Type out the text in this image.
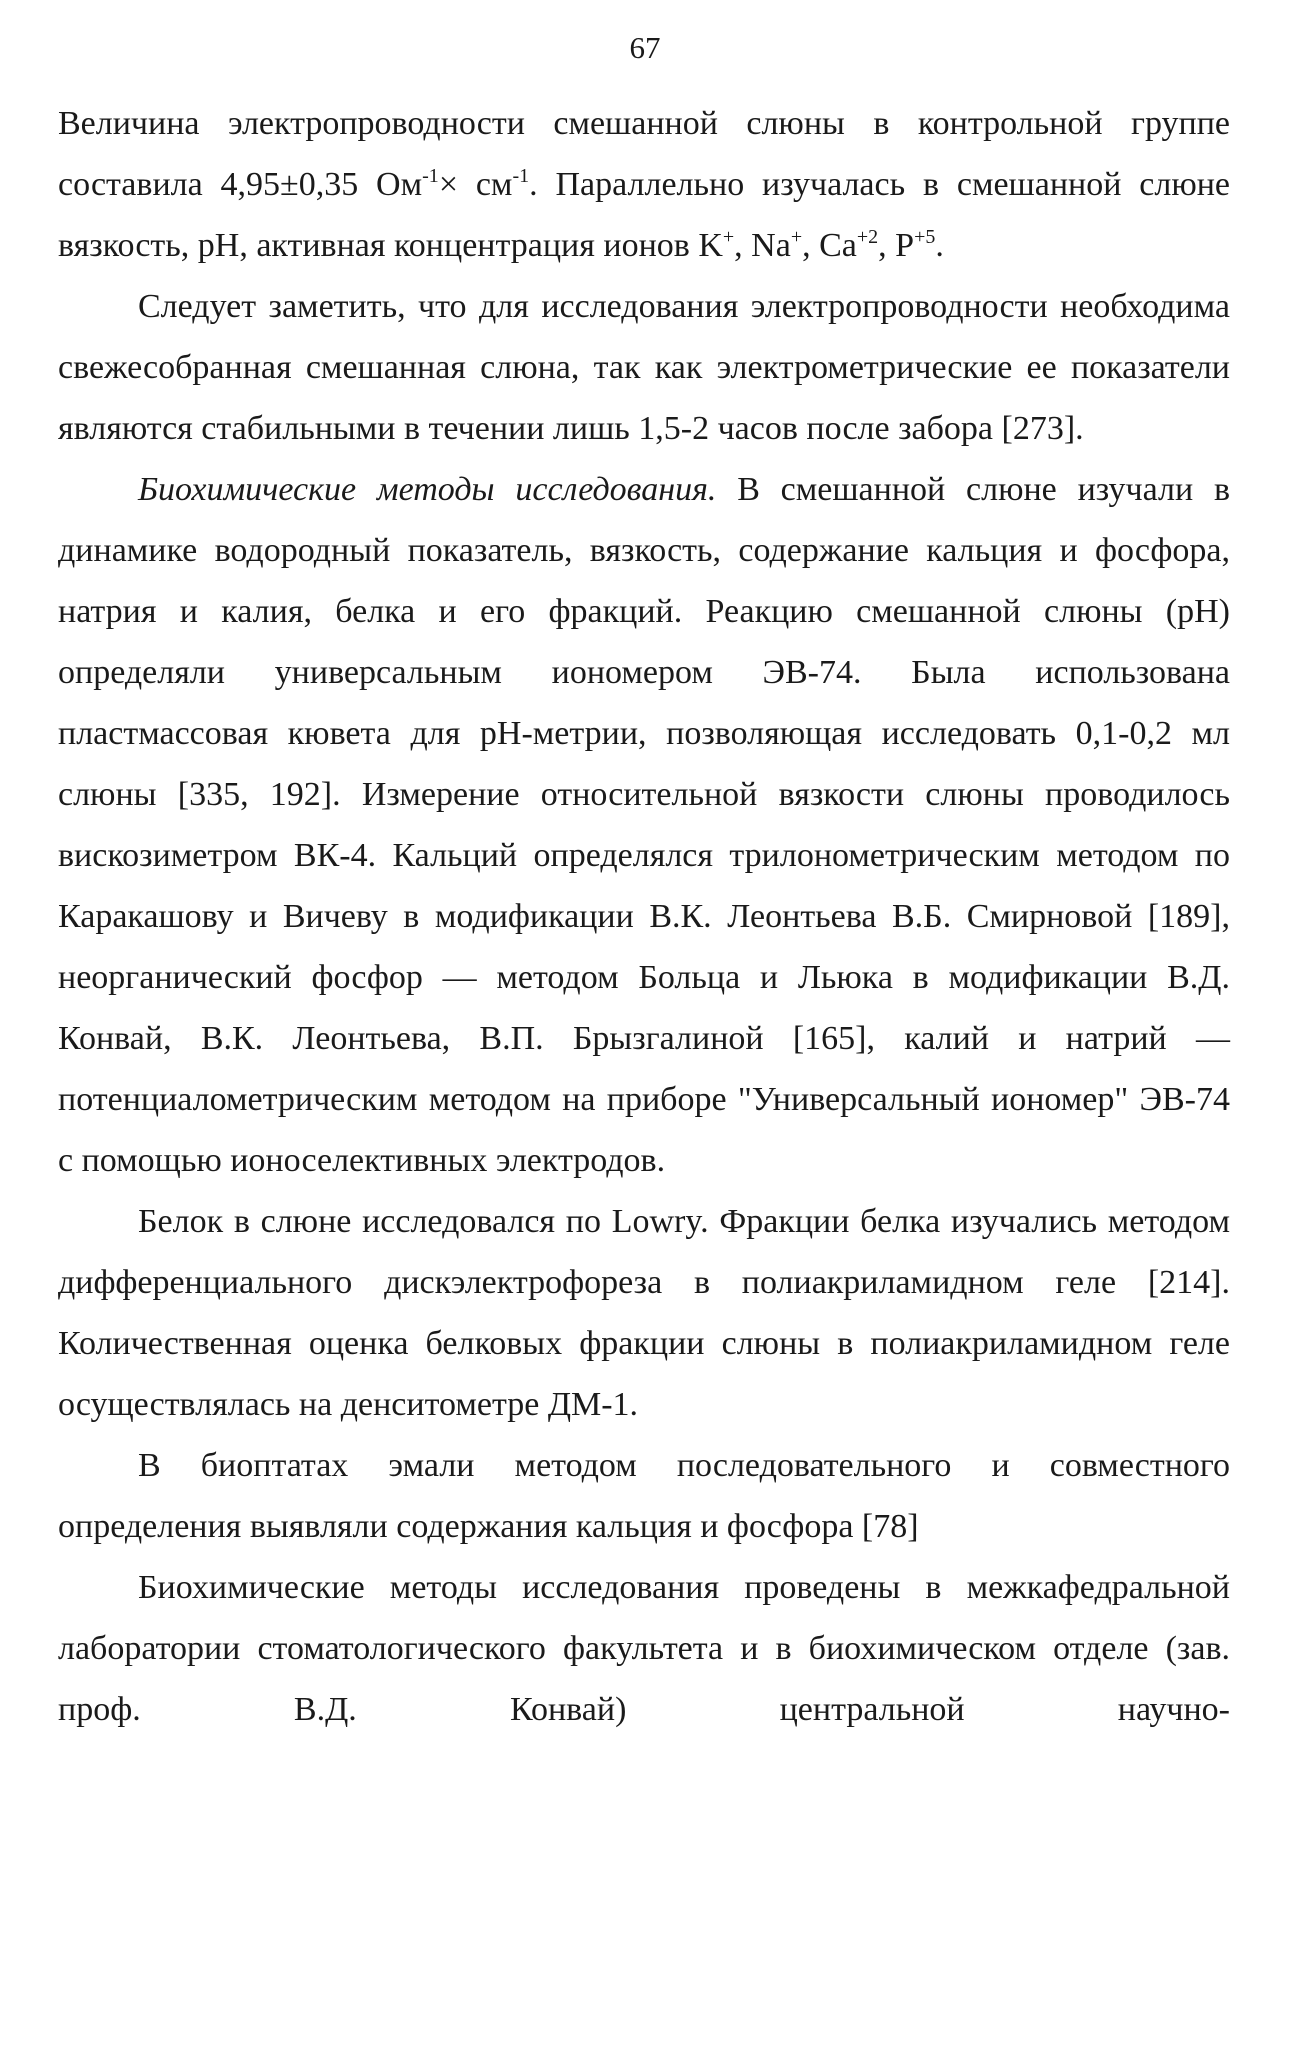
67

Величина электропроводности смешанной слюны в контрольной группе составила 4,95±0,35 $Ом^{-1}\times см^{-1}$. Параллельно изучалась в смешанной слюне вязкость, pH, активная концентрация ионов K+, Na+, $Ca^{+2}$, $P^{+5}$.

Следует заметить, что для исследования электропроводности необходима свежесобранная смешанная слюна, так как электрометрические ее показатели являются стабильными в течении лишь 1,5-2 часов после забора [273].

Биохимические методы исследования. В смешанной слюне изучали в динамике водородный показатель, вязкость, содержание кальция и фосфора, натрия и калия, белка и его фракций. Реакцию смешанной слюны (pH) определяли универсальным иономером ЭВ-74. Была использована пластмассовая кювета для pH-метрии, позволяющая исследовать 0,1-0,2 мл слюны [335, 192]. Измерение относительной вязкости слюны проводилось вискозиметром ВК-4. Кальций определялся трилонометрическим методом по Каракашову и Вичеву в модификации В.К. Леонтьева В.Б. Смирновой [189], неорганический фосфор — методом Больца и Льюка в модификации В.Д. Конвай, В.К. Леонтьева, В.П. Брызгалиной [165], калий и натрий — потенциалометрическим методом на приборе "Универсальный иономер" ЭВ-74 с помощью ионоселективных электродов.

Белок в слюне исследовался по Lowry. Фракции белка изучались методом дифференциального дискэлектрофореза в полиакриламидном геле [214]. Количественная оценка белковых фракции слюны в полиакриламидном геле осуществлялась на денситометре ДМ-1.

В биоптатах эмали методом последовательного и совместного определения выявляли содержания кальция и фосфора [78]

Биохимические методы исследования проведены в межкафедральной лаборатории стоматологического факультета и в биохимическом отделе (зав. проф. В.Д. Конвай) центральной научно-
